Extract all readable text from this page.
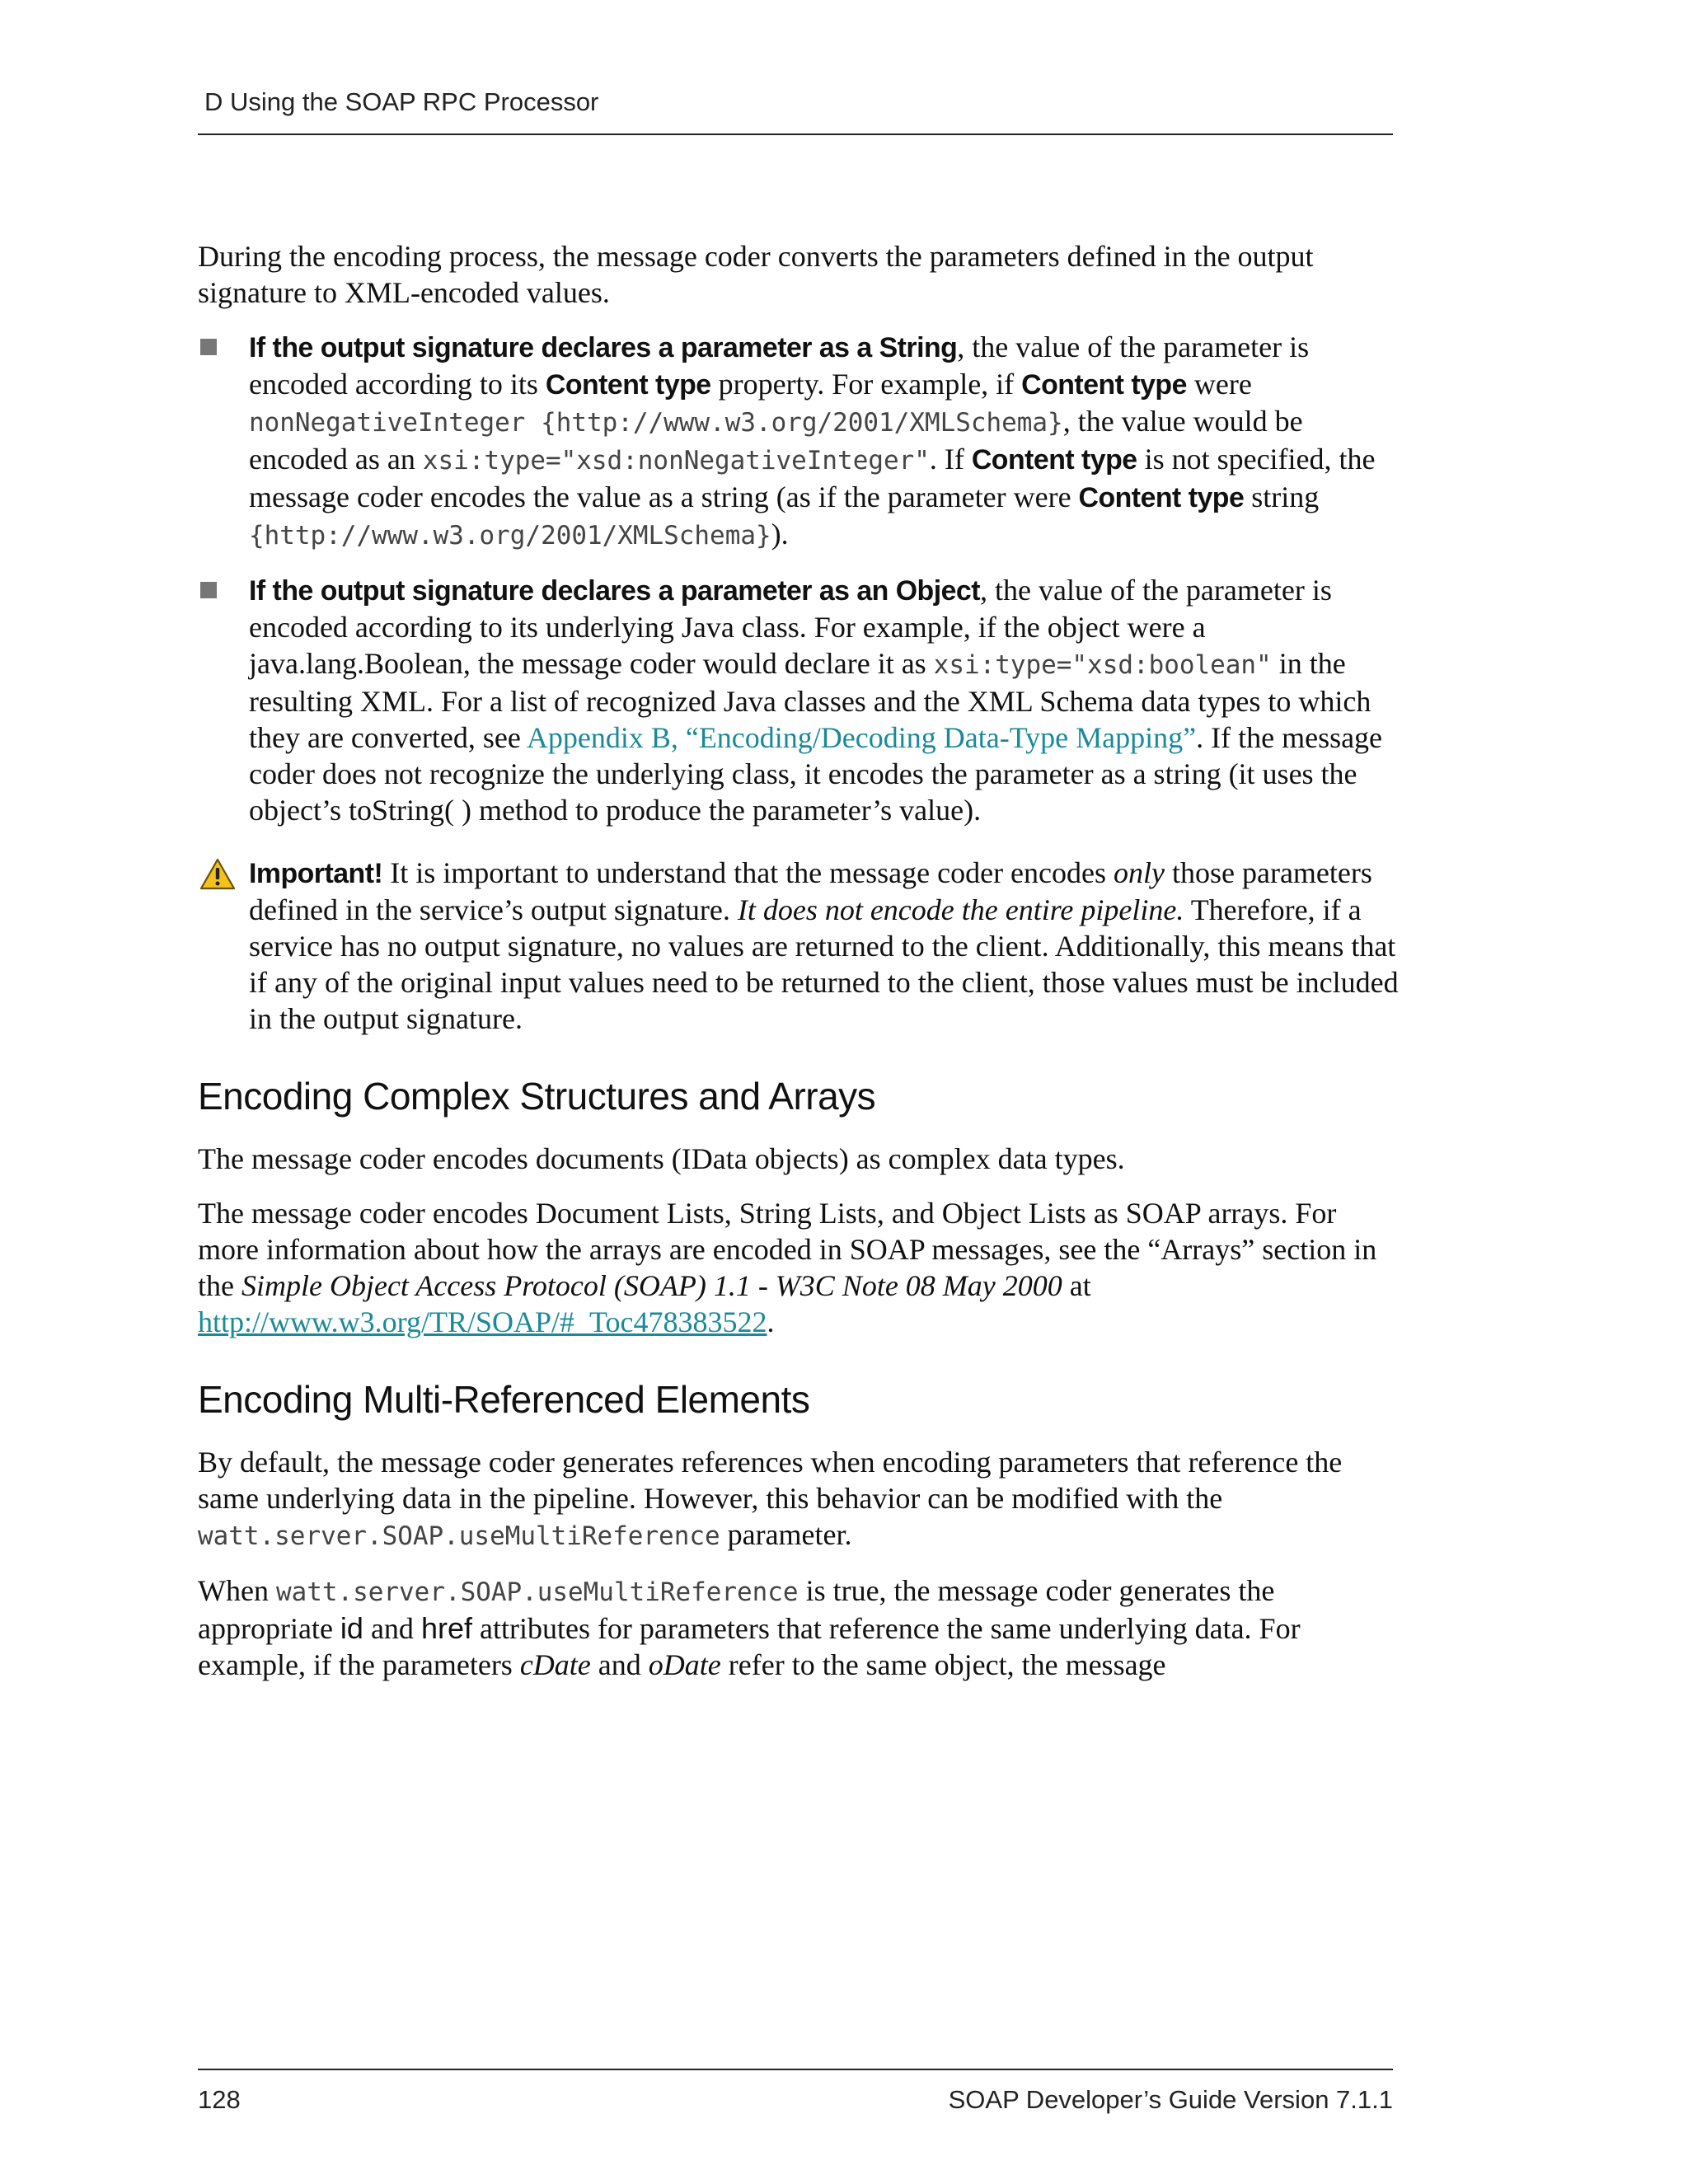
D Using the SOAP RPC Processor

During the encoding process, the message coder converts the parameters defined in the output signature to XML-encoded values.

If the output signature declares a parameter as a String, the value of the parameter is encoded according to its Content type property. For example, if Content type were nonNegativeInteger {http://www.w3.org/2001/XMLSchema}, the value would be encoded as an xsi:type="xsd:nonNegativeInteger". If Content type is not specified, the message coder encodes the value as a string (as if the parameter were Content type string {http://www.w3.org/2001/XMLSchema}).
If the output signature declares a parameter as an Object, the value of the parameter is encoded according to its underlying Java class. For example, if the object were a java.lang.Boolean, the message coder would declare it as xsi:type="xsd:boolean" in the resulting XML. For a list of recognized Java classes and the XML Schema data types to which they are converted, see Appendix B, “Encoding/Decoding Data-Type Mapping”. If the message coder does not recognize the underlying class, it encodes the parameter as a string (it uses the object’s toString( ) method to produce the parameter’s value).
Important! It is important to understand that the message coder encodes only those parameters defined in the service’s output signature. It does not encode the entire pipeline. Therefore, if a service has no output signature, no values are returned to the client. Additionally, this means that if any of the original input values need to be returned to the client, those values must be included in the output signature.
Encoding Complex Structures and Arrays

The message coder encodes documents (IData objects) as complex data types.

The message coder encodes Document Lists, String Lists, and Object Lists as SOAP arrays. For more information about how the arrays are encoded in SOAP messages, see the “Arrays” section in the Simple Object Access Protocol (SOAP) 1.1 - W3C Note 08 May 2000 at http://www.w3.org/TR/SOAP/#_Toc478383522.

Encoding Multi-Referenced Elements

By default, the message coder generates references when encoding parameters that reference the same underlying data in the pipeline. However, this behavior can be modified with the watt.server.SOAP.useMultiReference parameter.

When watt.server.SOAP.useMultiReference is true, the message coder generates the appropriate id and href attributes for parameters that reference the same underlying data. For example, if the parameters cDate and oDate refer to the same object, the message

128	SOAP Developer’s Guide Version 7.1.1
